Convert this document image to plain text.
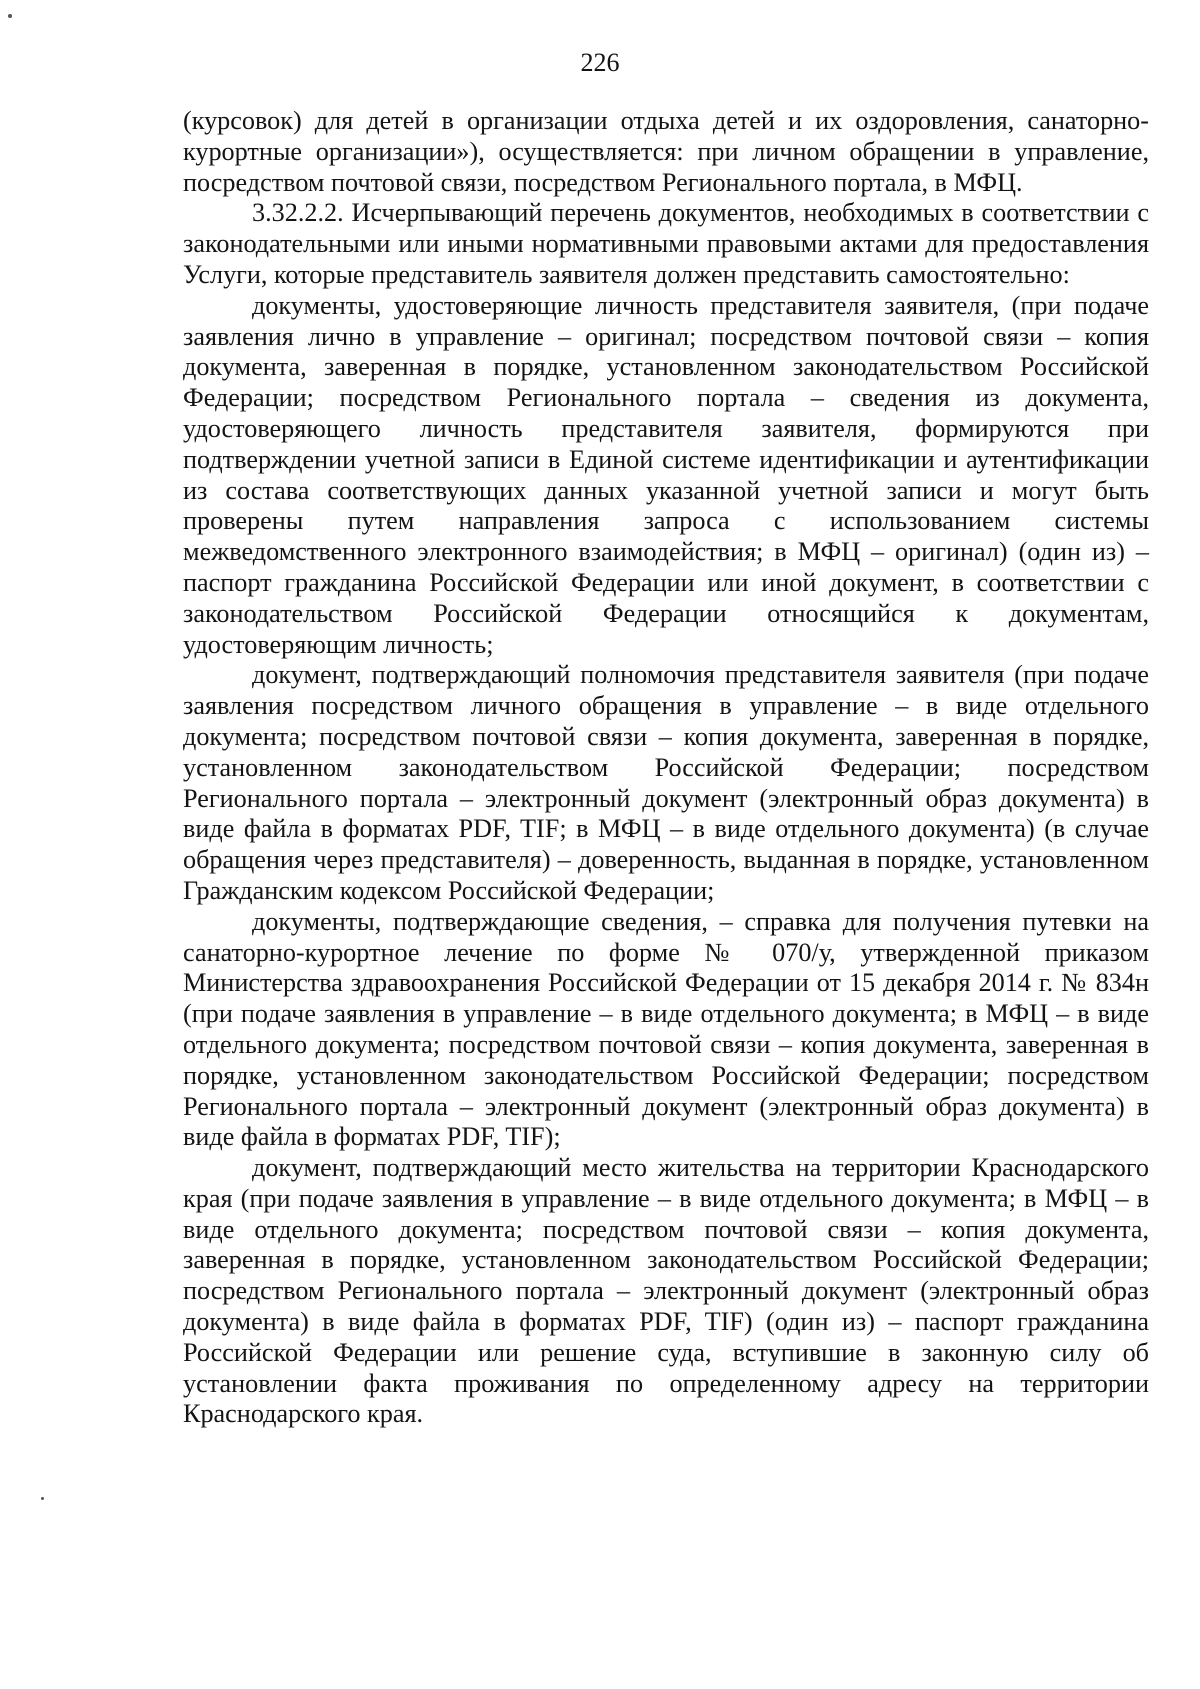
226

(курсовок) для детей в организации отдыха детей и их оздоровления, санаторно-курортные организации»), осуществляется: при личном обращении в управление, посредством почтовой связи, посредством Регионального портала, в МФЦ.

3.32.2.2. Исчерпывающий перечень документов, необходимых в соответствии с законодательными или иными нормативными правовыми актами для предоставления Услуги, которые представитель заявителя должен представить самостоятельно:

документы, удостоверяющие личность представителя заявителя, (при подаче заявления лично в управление – оригинал; посредством почтовой связи – копия документа, заверенная в порядке, установленном законодательством Российской Федерации; посредством Регионального портала – сведения из документа, удостоверяющего личность представителя заявителя, формируются при подтверждении учетной записи в Единой системе идентификации и аутентификации из состава соответствующих данных указанной учетной записи и могут быть проверены путем направления запроса с использованием системы межведомственного электронного взаимодействия; в МФЦ – оригинал) (один из) – паспорт гражданина Российской Федерации или иной документ, в соответствии с законодательством Российской Федерации относящийся к документам, удостоверяющим личность;

документ, подтверждающий полномочия представителя заявителя (при подаче заявления посредством личного обращения в управление – в виде отдельного документа; посредством почтовой связи – копия документа, заверенная в порядке, установленном законодательством Российской Федерации; посредством Регионального портала – электронный документ (электронный образ документа) в виде файла в форматах PDF, TIF; в МФЦ – в виде отдельного документа) (в случае обращения через представителя) – доверенность, выданная в порядке, установленном Гражданским кодексом Российской Федерации;

документы, подтверждающие сведения, – справка для получения путевки на санаторно-курортное лечение по форме № 070/у, утвержденной приказом Министерства здравоохранения Российской Федерации от 15 декабря 2014 г. № 834н (при подаче заявления в управление – в виде отдельного документа; в МФЦ – в виде отдельного документа; посредством почтовой связи – копия документа, заверенная в порядке, установленном законодательством Российской Федерации; посредством Регионального портала – электронный документ (электронный образ документа) в виде файла в форматах PDF, TIF);

документ, подтверждающий место жительства на территории Краснодарского края (при подаче заявления в управление – в виде отдельного документа; в МФЦ – в виде отдельного документа; посредством почтовой связи – копия документа, заверенная в порядке, установленном законодательством Российской Федерации; посредством Регионального портала – электронный документ (электронный образ документа) в виде файла в форматах PDF, TIF) (один из) – паспорт гражданина Российской Федерации или решение суда, вступившие в законную силу об установлении факта проживания по определенному адресу на территории Краснодарского края.
